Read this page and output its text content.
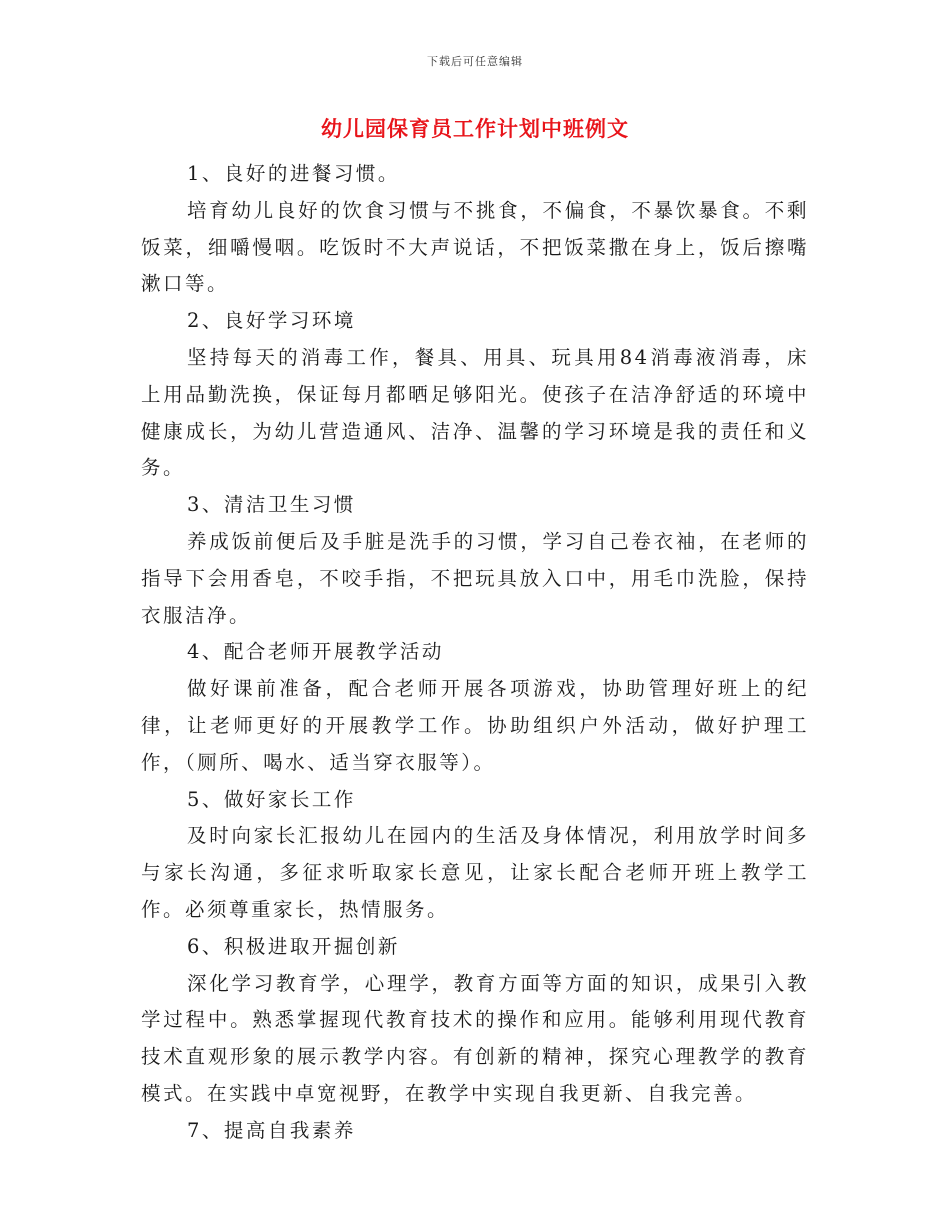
下载后可任意编辑
幼儿园保育员工作计划中班例文

1、良好的进餐习惯。

培育幼儿良好的饮食习惯与不挑食，不偏食，不暴饮暴食。不剩饭菜，细嚼慢咽。吃饭时不大声说话，不把饭菜撒在身上，饭后擦嘴漱口等。

2、良好学习环境

坚持每天的消毒工作，餐具、用具、玩具用84消毒液消毒，床上用品勤洗换，保证每月都晒足够阳光。使孩子在洁净舒适的环境中健康成长，为幼儿营造通风、洁净、温馨的学习环境是我的责任和义务。

3、清洁卫生习惯

养成饭前便后及手脏是洗手的习惯，学习自己卷衣袖，在老师的指导下会用香皂，不咬手指，不把玩具放入口中，用毛巾洗脸，保持衣服洁净。

4、配合老师开展教学活动

做好课前准备，配合老师开展各项游戏，协助管理好班上的纪律，让老师更好的开展教学工作。协助组织户外活动，做好护理工作，（厕所、喝水、适当穿衣服等）。

5、做好家长工作

及时向家长汇报幼儿在园内的生活及身体情况，利用放学时间多与家长沟通，多征求听取家长意见，让家长配合老师开班上教学工作。必须尊重家长，热情服务。

6、积极进取开掘创新

深化学习教育学，心理学，教育方面等方面的知识，成果引入教学过程中。熟悉掌握现代教育技术的操作和应用。能够利用现代教育技术直观形象的展示教学内容。有创新的精神，探究心理教学的教育模式。在实践中卓宽视野，在教学中实现自我更新、自我完善。

7、提高自我素养
